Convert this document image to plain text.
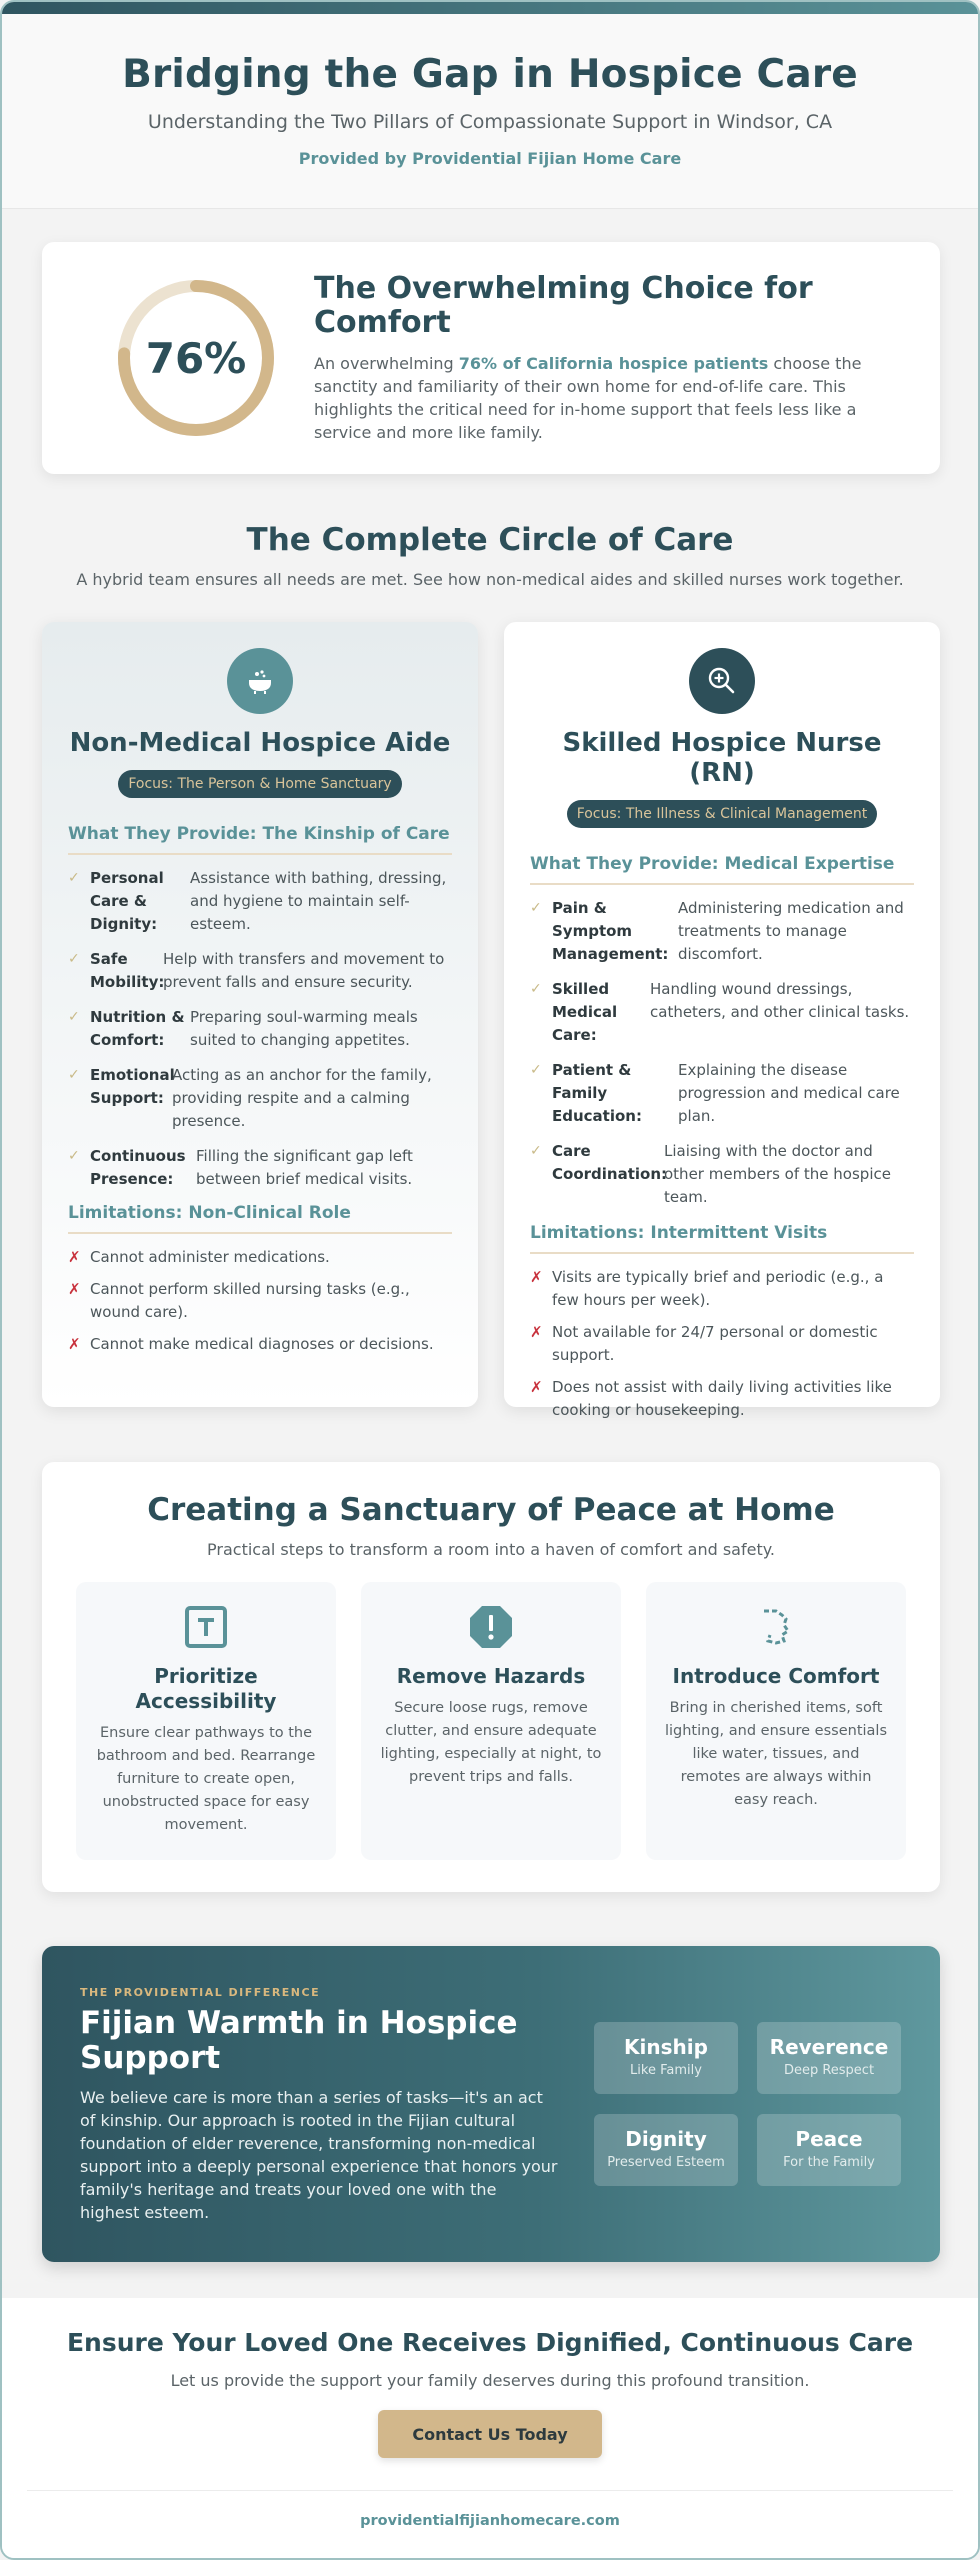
Bridging the Gap in Hospice Care
Understanding the Two Pillars of Compassionate Support in Windsor, CA
Provided by Providential Fijian Home Care
76%
The Overwhelming Choice for Comfort

An overwhelming 76% of California hospice patients choose the sanctity and familiarity of their own home for end-of-life care. This highlights the critical need for in-home support that feels less like a service and more like family.

The Complete Circle of Care

A hybrid team ensures all needs are met. See how non-medical aides and skilled nurses work together.

Non-Medical Hospice Aide
Focus: The Person & Home Sanctuary
What They Provide: The Kinship of Care
✓ Personal Care & Dignity:
Assistance with bathing, dressing, and hygiene to maintain self-esteem.
✓ Safe Mobility:
Help with transfers and movement to prevent falls and ensure security.
✓ Nutrition & Comfort:
Preparing soul-warming meals suited to changing appetites.
✓ Emotional Support:
Acting as an anchor for the family, providing respite and a calming presence.
✓ Continuous Presence:
Filling the significant gap left between brief medical visits.
Limitations: Non-Clinical Role
✗ Cannot administer medications.
✗ Cannot perform skilled nursing tasks (e.g., wound care).
✗ Cannot make medical diagnoses or decisions.
Skilled Hospice Nurse (RN)
Focus: The Illness & Clinical Management
What They Provide: Medical Expertise
✓ Pain & Symptom Management:
Administering medication and treatments to manage discomfort.
✓ Skilled Medical Care:
Handling wound dressings, catheters, and other clinical tasks.
✓ Patient & Family Education:
Explaining the disease progression and medical care plan.
✓ Care Coordination:
Liaising with the doctor and other members of the hospice team.
Limitations: Intermittent Visits
✗ Visits are typically brief and periodic (e.g., a few hours per week).
✗ Not available for 24/7 personal or domestic support.
✗ Does not assist with daily living activities like cooking or housekeeping.
Creating a Sanctuary of Peace at Home
Practical steps to transform a room into a haven of comfort and safety.
Prioritize Accessibility

Ensure clear pathways to the bathroom and bed. Rearrange furniture to create open, unobstructed space for easy movement.

Remove Hazards

Secure loose rugs, remove clutter, and ensure adequate lighting, especially at night, to prevent trips and falls.

Introduce Comfort

Bring in cherished items, soft lighting, and ensure essentials like water, tissues, and remotes are always within easy reach.

THE PROVIDENTIAL DIFFERENCE
Fijian Warmth in Hospice Support

We believe care is more than a series of tasks—it's an act of kinship. Our approach is rooted in the Fijian cultural foundation of elder reverence, transforming non-medical support into a deeply personal experience that honors your family's heritage and treats your loved one with the highest esteem.

Kinship
Like Family
Reverence
Deep Respect
Dignity
Preserved Esteem
Peace
For the Family
Ensure Your Loved One Receives Dignified, Continuous Care

Let us provide the support your family deserves during this profound transition.

Contact Us Today
providentialfijianhomecare.com
